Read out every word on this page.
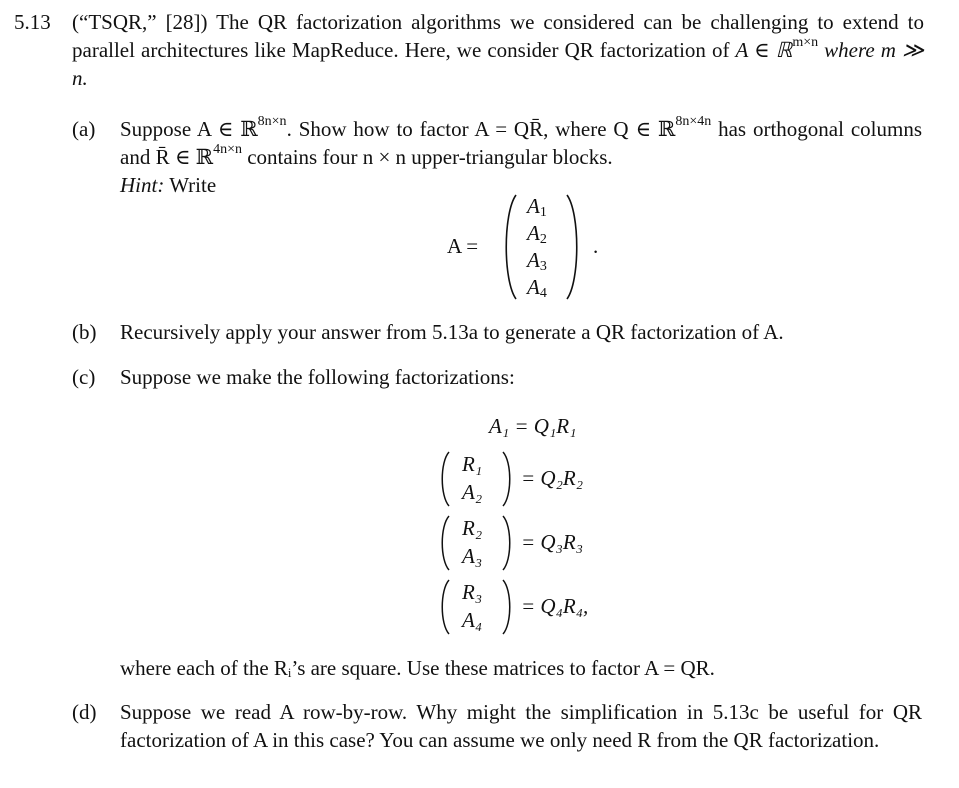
5.13 (“TSQR,” [28]) The QR factorization algorithms we considered can be challenging to extend to parallel architectures like MapReduce. Here, we consider QR factorization of A ∈ ℝ$^{m\times n}$ where m ≫ n.
(a) Suppose A ∈ ℝ$^{8n\times n}$. Show how to factor A = QR̄, where Q ∈ ℝ$^{8n\times 4n}$ has orthogonal columns and R̄ ∈ ℝ$^{4n\times n}$ contains four n × n upper-triangular blocks.
Hint: Write
A =
$A_1$
$A_2$
$A_3$
$A_4$
.
(b) Recursively apply your answer from 5.13a to generate a QR factorization of A.
(c) Suppose we make the following factorizations:
A₁ = Q₁R₁
R₁
A₂
= Q₂R₂
R₂
A₃
= Q₃R₃
R₃
A₄
= Q₄R₄,
where each of the Rᵢ’s are square. Use these matrices to factor A = QR.
(d) Suppose we read A row-by-row. Why might the simplification in 5.13c be useful for QR factorization of A in this case? You can assume we only need R from the QR factorization.
